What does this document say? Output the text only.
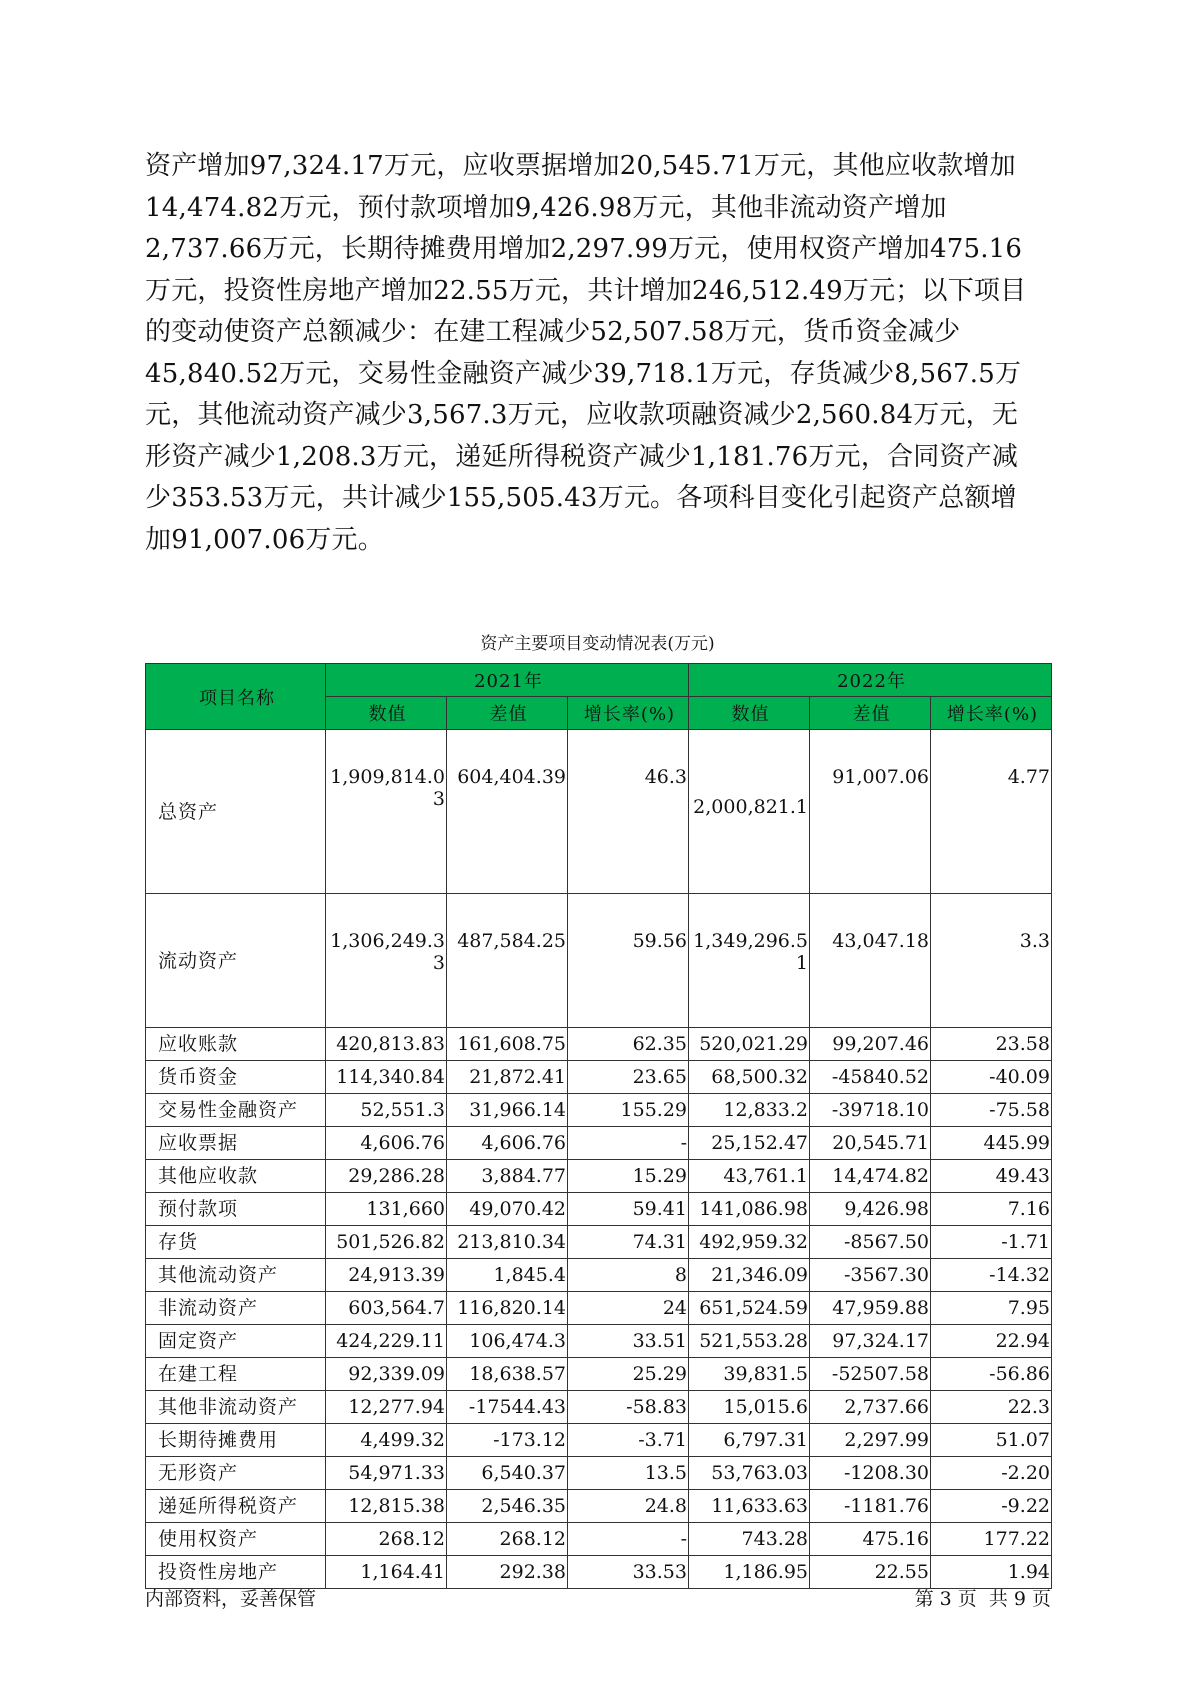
资产增加97,324.17万元，应收票据增加20,545.71万元，其他应收款增加

14,474.82万元，预付款项增加9,426.98万元，其他非流动资产增加

2,737.66万元，长期待摊费用增加2,297.99万元，使用权资产增加475.16

万元，投资性房地产增加22.55万元，共计增加246,512.49万元；以下项目

的变动使资产总额减少：在建工程减少52,507.58万元，货币资金减少

45,840.52万元，交易性金融资产减少39,718.1万元，存货减少8,567.5万

元，其他流动资产减少3,567.3万元，应收款项融资减少2,560.84万元，无

形资产减少1,208.3万元，递延所得税资产减少1,181.76万元，合同资产减

少353.53万元，共计减少155,505.43万元。各项科目变化引起资产总额增

加91,007.06万元。

资产主要项目变动情况表(万元)
项目名称	2021年			2022年		
	数值	差值	增长率(%)	数值	差值	增长率(%)
总资产	1,909,814.03	604,404.39	46.3	2,000,821.1	91,007.06	4.77
流动资产	1,306,249.33	487,584.25	59.56	1,349,296.51	43,047.18	3.3
应收账款	420,813.83	161,608.75	62.35	520,021.29	99,207.46	23.58
货币资金	114,340.84	21,872.41	23.65	68,500.32	-45840.52	-40.09
交易性金融资产	52,551.3	31,966.14	155.29	12,833.2	-39718.10	-75.58
应收票据	4,606.76	4,606.76	-	25,152.47	20,545.71	445.99
其他应收款	29,286.28	3,884.77	15.29	43,761.1	14,474.82	49.43
预付款项	131,660	49,070.42	59.41	141,086.98	9,426.98	7.16
存货	501,526.82	213,810.34	74.31	492,959.32	-8567.50	-1.71
其他流动资产	24,913.39	1,845.4	8	21,346.09	-3567.30	-14.32
非流动资产	603,564.7	116,820.14	24	651,524.59	47,959.88	7.95
固定资产	424,229.11	106,474.3	33.51	521,553.28	97,324.17	22.94
在建工程	92,339.09	18,638.57	25.29	39,831.5	-52507.58	-56.86
其他非流动资产	12,277.94	-17544.43	-58.83	15,015.6	2,737.66	22.3
长期待摊费用	4,499.32	-173.12	-3.71	6,797.31	2,297.99	51.07
无形资产	54,971.33	6,540.37	13.5	53,763.03	-1208.30	-2.20
递延所得税资产	12,815.38	2,546.35	24.8	11,633.63	-1181.76	-9.22
使用权资产	268.12	268.12	-	743.28	475.16	177.22
投资性房地产	1,164.41	292.38	33.53	1,186.95	22.55	1.94
内部资料，妥善保管	第 3 页  共 9 页
